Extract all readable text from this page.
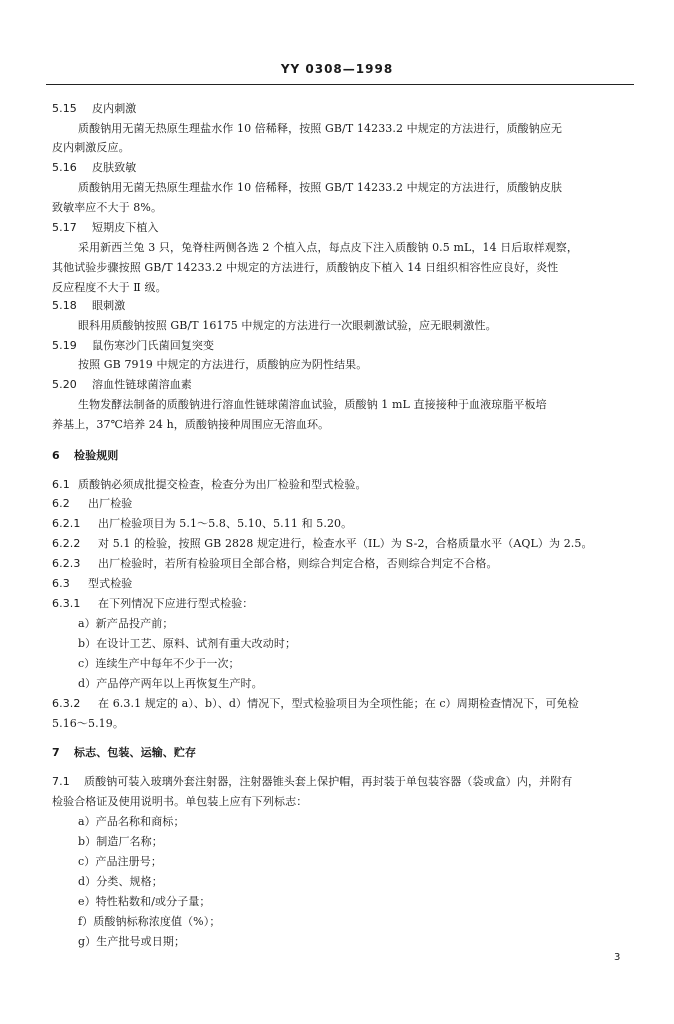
YY 0308—1998
5.15 皮内刺激
质酸钠用无菌无热原生理盐水作 10 倍稀释，按照 GB/T 14233.2 中规定的方法进行，质酸钠应无
皮内刺激反应。
5.16 皮肤致敏
质酸钠用无菌无热原生理盐水作 10 倍稀释，按照 GB/T 14233.2 中规定的方法进行，质酸钠皮肤
致敏率应不大于 8%。
5.17 短期皮下植入
采用新西兰兔 3 只，兔脊柱两侧各选 2 个植入点，每点皮下注入质酸钠 0.5 mL，14 日后取样观察，
其他试验步骤按照 GB/T 14233.2 中规定的方法进行，质酸钠皮下植入 14 日组织相容性应良好，炎性
反应程度不大于 Ⅱ 级。
5.18 眼刺激
眼科用质酸钠按照 GB/T 16175 中规定的方法进行一次眼刺激试验，应无眼刺激性。
5.19 鼠伤寒沙门氏菌回复突变
按照 GB 7919 中规定的方法进行，质酸钠应为阴性结果。
5.20 溶血性链球菌溶血素
生物发酵法制备的质酸钠进行溶血性链球菌溶血试验，质酸钠 1 mL 直接接种于血液琼脂平板培
养基上，37℃培养 24 h，质酸钠接种周围应无溶血环。
6 检验规则
6.1 质酸钠必须成批提交检查，检查分为出厂检验和型式检验。
6.2 出厂检验
6.2.1 出厂检验项目为 5.1～5.8、5.10、5.11 和 5.20。
6.2.2 对 5.1 的检验，按照 GB 2828 规定进行，检查水平（IL）为 S-2，合格质量水平（AQL）为 2.5。
6.2.3 出厂检验时，若所有检验项目全部合格，则综合判定合格，否则综合判定不合格。
6.3 型式检验
6.3.1 在下列情况下应进行型式检验：
a）新产品投产前；
b）在设计工艺、原料、试剂有重大改动时；
c）连续生产中每年不少于一次；
d）产品停产两年以上再恢复生产时。
6.3.2 在 6.3.1 规定的 a）、b）、d）情况下，型式检验项目为全项性能；在 c）周期检查情况下，可免检
5.16～5.19。
7 标志、包装、运输、贮存
7.1 质酸钠可装入玻璃外套注射器，注射器锥头套上保护帽，再封装于单包装容器（袋或盒）内，并附有
检验合格证及使用说明书。单包装上应有下列标志：
a）产品名称和商标；
b）制造厂名称；
c）产品注册号；
d）分类、规格；
e）特性粘数和/或分子量；
f）质酸钠标称浓度值（%）；
g）生产批号或日期；
3
